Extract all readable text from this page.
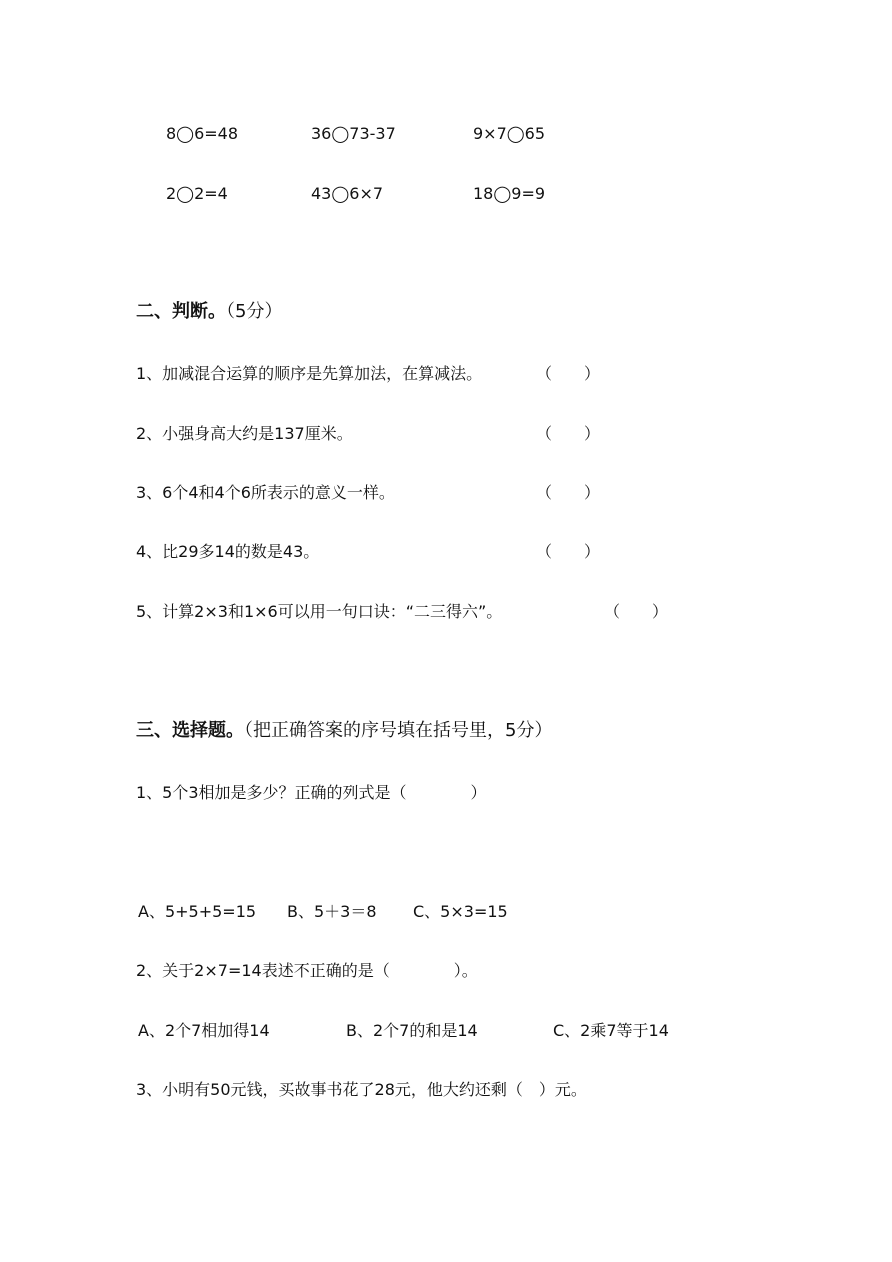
8◯6=48	36◯73-37	9×7◯65
2◯2=4	43◯6×7	18◯9=9
二、判断。（5分）
1、加减混合运算的顺序是先算加法，在算减法。	（　　）
2、小强身高大约是137厘米。	（　　）
3、6个4和4个6所表示的意义一样。	（　　）
4、比29多14的数是43。	（　　）
5、计算2×3和1×6可以用一句口诀：“二三得六”。	（　　）
三、选择题。（把正确答案的序号填在括号里，5分）
1、5个3相加是多少？正确的列式是（　　　　）
A、5+5+5=15 B、5＋3＝8 C、5×3=15
2、关于2×7=14表述不正确的是（　　　　）。
A、2个7相加得14	B、2个7的和是14	C、2乘7等于14
3、小明有50元钱，买故事书花了28元，他大约还剩（　）元。
